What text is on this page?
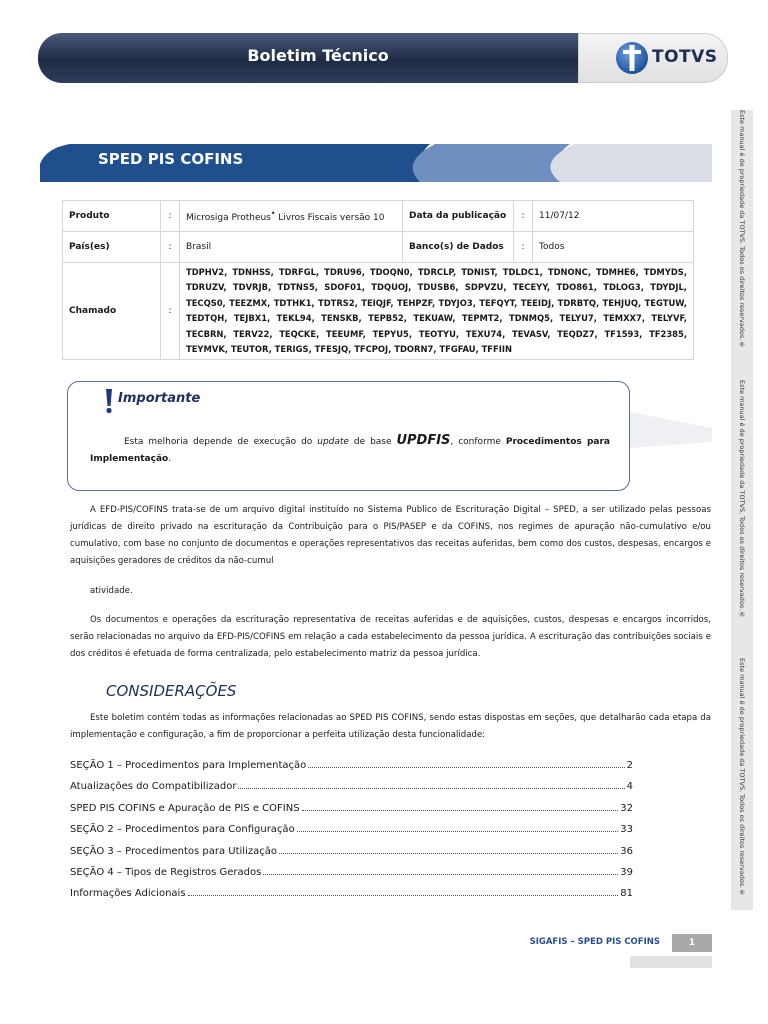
Boletim Técnico	TOTVS
Este manual é de propriedade da TOTVS. Todos os direitos reservados.®
Este manual é de propriedade da TOTVS. Todos os direitos reservados.®
Este manual é de propriedade da TOTVS. Todos os direitos reservados.®
SPED PIS COFINS
Produto	:	Microsiga Protheus• Livros Fiscais versão 10	Data da publicação	:	11/07/12
País(es)	:	Brasil	Banco(s) de Dados	:	Todos
Chamado	:	TDPHV2, TDNHSS, TDRFGL, TDRU96, TDOQN0, TDRCLP, TDNIST, TDLDC1, TDNONC, TDMHE6, TDMYDS, TDRUZV, TDVRJB, TDTNS5, SDOF01, TDQUOJ, TDUSB6, SDPVZU, TECEYY, TDO861, TDLOG3, TDYDJL, TECQS0, TEEZMX, TDTHK1, TDTRS2, TEIQJF, TEHPZF, TDYJO3, TEFQYT, TEEIDJ, TDRBTQ, TEHJUQ, TEGTUW, TEDTQH, TEJBX1, TEKL94, TENSKB, TEPB52, TEKUAW, TEPMT2, TDNMQ5, TELYU7, TEMXX7, TELYVF, TECBRN, TERV22, TEQCKE, TEEUMF, TEPYU5, TEOTYU, TEXU74, TEVASV, TEQDZ7, TF1593, TF2385, TEYMVK, TEUTOR, TERIGS, TFESJQ, TFCPOJ, TDORN7, TFGFAU, TFFIIN			
Importante
Esta melhoria depende de execução do update de base UPDFIS, conforme Procedimentos para Implementação.
A EFD-PIS/COFINS trata-se de um arquivo digital instituído no Sistema Publico de Escrituração Digital – SPED, a ser utilizado pelas pessoas jurídicas de direito privado na escrituração da Contribuição para o PIS/PASEP e da COFINS, nos regimes de apuração não-cumulativo e/ou cumulativo, com base no conjunto de documentos e operações representativos das receitas auferidas, bem como dos custos, despesas, encargos e aquisições geradores de créditos da não-cumul
atividade.
Os documentos e operações da escrituração representativa de receitas auferidas e de aquisições, custos, despesas e encargos incorridos, serão relacionadas no arquivo da EFD-PIS/COFINS em relação a cada estabelecimento da pessoa jurídica. A escrituração das contribuições sociais e dos créditos é efetuada de forma centralizada, pelo estabelecimento matriz da pessoa jurídica.
CONSIDERAÇÕES
Este boletim contém todas as informações relacionadas ao SPED PIS COFINS, sendo estas dispostas em seções, que detalharão cada etapa da implementação e configuração, a fim de proporcionar a perfeita utilização desta funcionalidade:
SEÇÃO 1 – Procedimentos para Implementação	2
Atualizações do Compatibilizador	4
SPED PIS COFINS e Apuração de PIS e COFINS	32
SEÇÃO 2 – Procedimentos para Configuração	33
SEÇÃO 3 – Procedimentos para Utilização	36
SEÇÃO 4 – Tipos de Registros Gerados	39
Informações Adicionais	81
SIGAFIS – SPED PIS COFINS	1
